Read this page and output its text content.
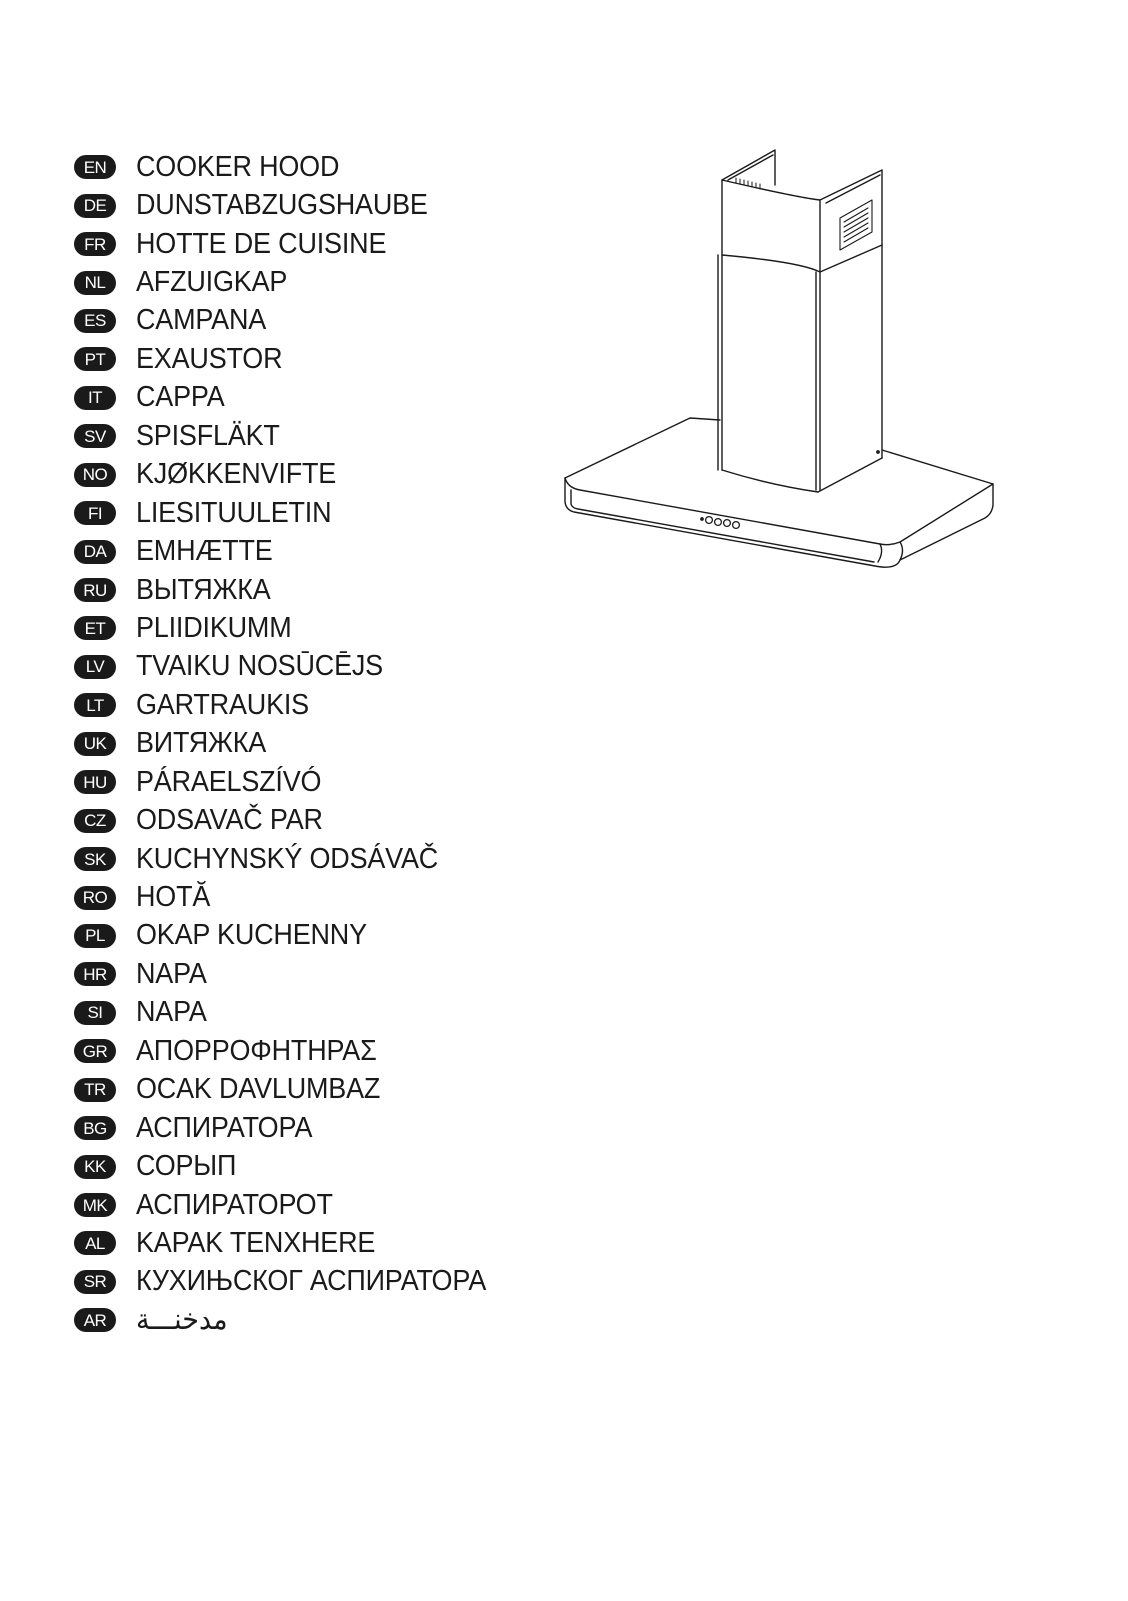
EN	COOKER HOOD
DE	DUNSTABZUGSHAUBE
FR	HOTTE DE CUISINE
NL	AFZUIGKAP
ES	CAMPANA
PT	EXAUSTOR
IT	CAPPA
SV	SPISFLÄKT
NO KJØKKENVIFTE
FI	LIESITUULETIN
DA	EMHÆTTE
RU	ВЫТЯЖКА
ET	PLIIDIKUMM
LV	TVAIKU NOSŪCĒJS
LT	GARTRAUKIS
UK	ВИТЯЖКА
HU	PÁRAELSZÍVÓ
CZ	ODSAVAČ PAR
SK	KUCHYNSKÝ ODSÁVAČ
RO HOTĂ
PL	OKAP KUCHENNY
HR	NAPA
SI	NAPA
GR ΑΠΟΡΡΟΦΗΤΗΡΑΣ
TR	OCAK DAVLUMBAZ
BG	АСПИРАТОРА
KK	СОРЫП
MK АСПИРАТОРОТ
AL	KAPAK TENXHERE
SR	КУХИЊСКОГ АСПИРАТОРА
AR	مدخنـــة
